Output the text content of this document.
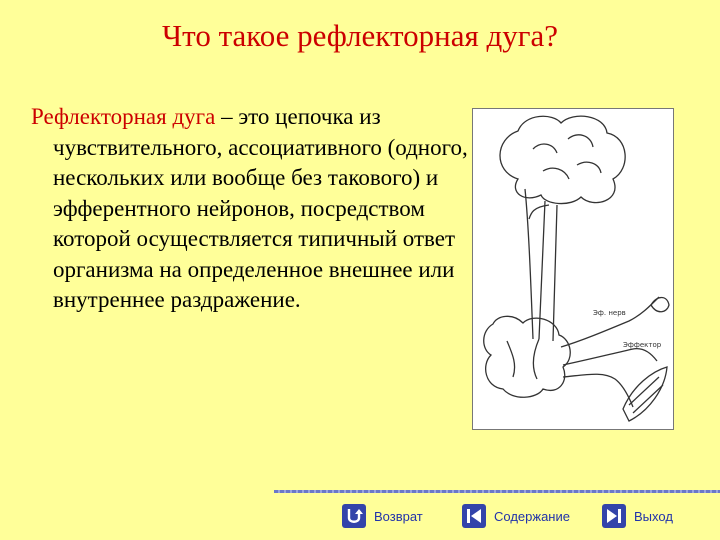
Что такое рефлекторная дуга?

Рефлекторная дуга – это цепочка из чувствительного, ассоциативного (одного, нескольких или вообще без такового) и эфферентного нейронов, посредством которой осуществляется типичный ответ организма на определенное внешнее или внутреннее раздражение.

Эф. нерв
Эффектор
Возврат	Содержание	Выход
